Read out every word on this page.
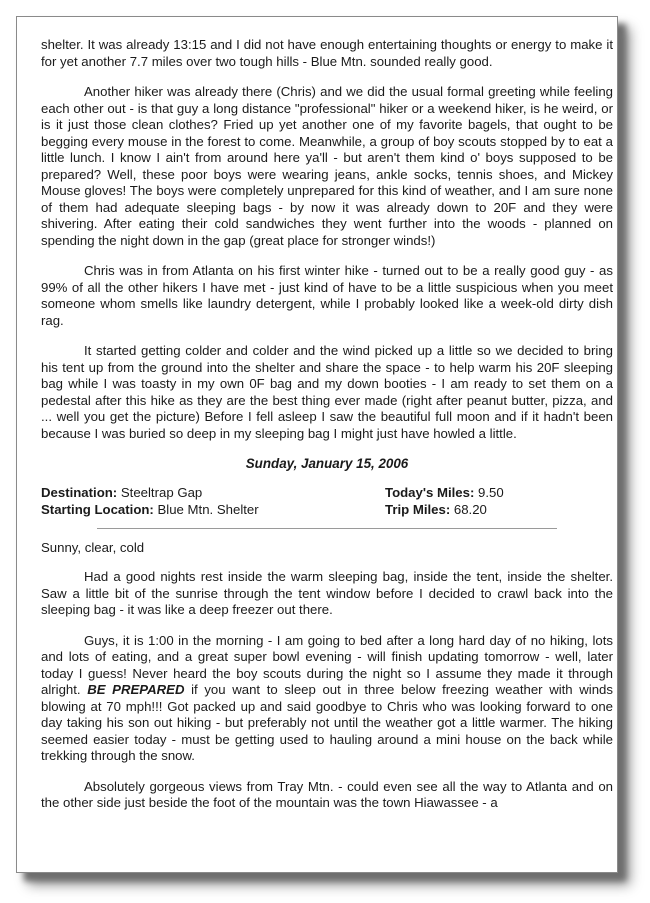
shelter. It was already 13:15 and I did not have enough entertaining thoughts or energy to make it for yet another 7.7 miles over two tough hills - Blue Mtn. sounded really good.

Another hiker was already there (Chris) and we did the usual formal greeting while feeling each other out - is that guy a long distance "professional" hiker or a weekend hiker, is he weird, or is it just those clean clothes? Fried up yet another one of my favorite bagels, that ought to be begging every mouse in the forest to come. Meanwhile, a group of boy scouts stopped by to eat a little lunch. I know I ain't from around here ya'll - but aren't them kind o' boys supposed to be prepared? Well, these poor boys were wearing jeans, ankle socks, tennis shoes, and Mickey Mouse gloves! The boys were completely unprepared for this kind of weather, and I am sure none of them had adequate sleeping bags - by now it was already down to 20F and they were shivering. After eating their cold sandwiches they went further into the woods - planned on spending the night down in the gap (great place for stronger winds!)

Chris was in from Atlanta on his first winter hike - turned out to be a really good guy - as 99% of all the other hikers I have met - just kind of have to be a little suspicious when you meet someone whom smells like laundry detergent, while I probably looked like a week-old dirty dish rag.

It started getting colder and colder and the wind picked up a little so we decided to bring his tent up from the ground into the shelter and share the space - to help warm his 20F sleeping bag while I was toasty in my own 0F bag and my down booties - I am ready to set them on a pedestal after this hike as they are the best thing ever made (right after peanut butter, pizza, and ... well you get the picture) Before I fell asleep I saw the beautiful full moon and if it hadn't been because I was buried so deep in my sleeping bag I might just have howled a little.

Sunday, January 15, 2006
Destination: Steeltrap Gap	Today's Miles: 9.50
Starting Location: Blue Mtn. Shelter	Trip Miles: 68.20
Sunny, clear, cold

Had a good nights rest inside the warm sleeping bag, inside the tent, inside the shelter. Saw a little bit of the sunrise through the tent window before I decided to crawl back into the sleeping bag - it was like a deep freezer out there.

Guys, it is 1:00 in the morning - I am going to bed after a long hard day of no hiking, lots and lots of eating, and a great super bowl evening - will finish updating tomorrow - well, later today I guess! Never heard the boy scouts during the night so I assume they made it through alright. BE PREPARED if you want to sleep out in three below freezing weather with winds blowing at 70 mph!!! Got packed up and said goodbye to Chris who was looking forward to one day taking his son out hiking - but preferably not until the weather got a little warmer. The hiking seemed easier today - must be getting used to hauling around a mini house on the back while trekking through the snow.

Absolutely gorgeous views from Tray Mtn. - could even see all the way to Atlanta and on the other side just beside the foot of the mountain was the town Hiawassee - a
